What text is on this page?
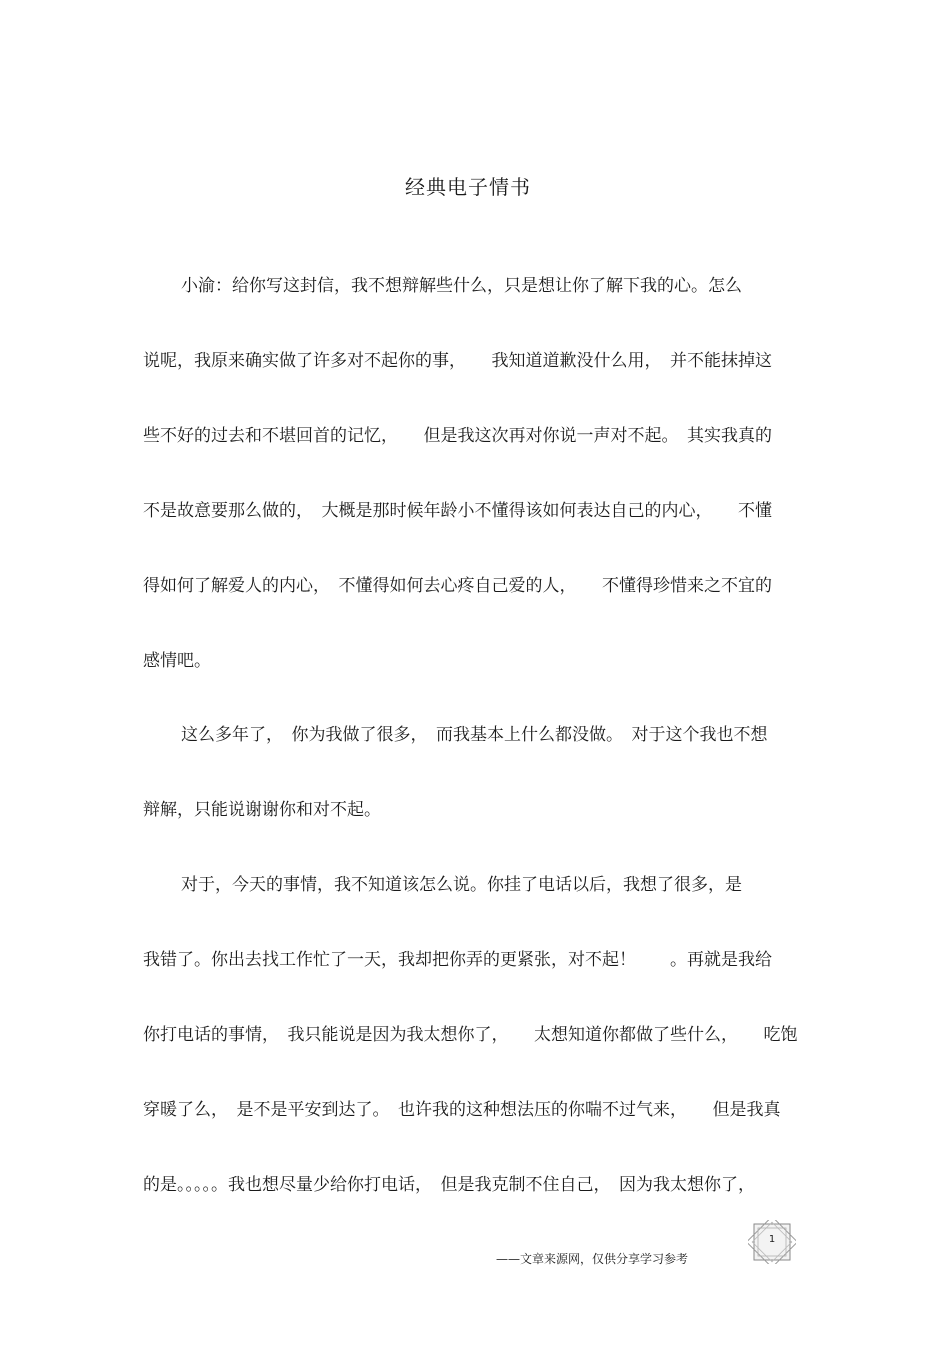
经典电子情书
小渝：给你写这封信，我不想辩解些什么，只是想让你了解下我的心。怎么
说呢，我原来确实做了许多对不起你的事，　　我知道道歉没什么用，　并不能抹掉这
些不好的过去和不堪回首的记忆，　　但是我这次再对你说一声对不起。　其实我真的
不是故意要那么做的，　大概是那时候年龄小不懂得该如何表达自己的内心，　　不懂
得如何了解爱人的内心，　不懂得如何去心疼自己爱的人，　　不懂得珍惜来之不宜的
感情吧。
这么多年了，　你为我做了很多，　而我基本上什么都没做。　对于这个我也不想
辩解，只能说谢谢你和对不起。
对于，今天的事情，我不知道该怎么说。你挂了电话以后，我想了很多，是
我错了。你出去找工作忙了一天，我却把你弄的更紧张，对不起！　　。再就是我给
你打电话的事情，　我只能说是因为我太想你了，　　太想知道你都做了些什么，　　吃饱
穿暖了么，　是不是平安到达了。　也许我的这种想法压的你喘不过气来，　　但是我真
的是。。。。。我也想尽量少给你打电话，　但是我克制不住自己，　因为我太想你了，
——文章来源网，仅供分享学习参考
1
